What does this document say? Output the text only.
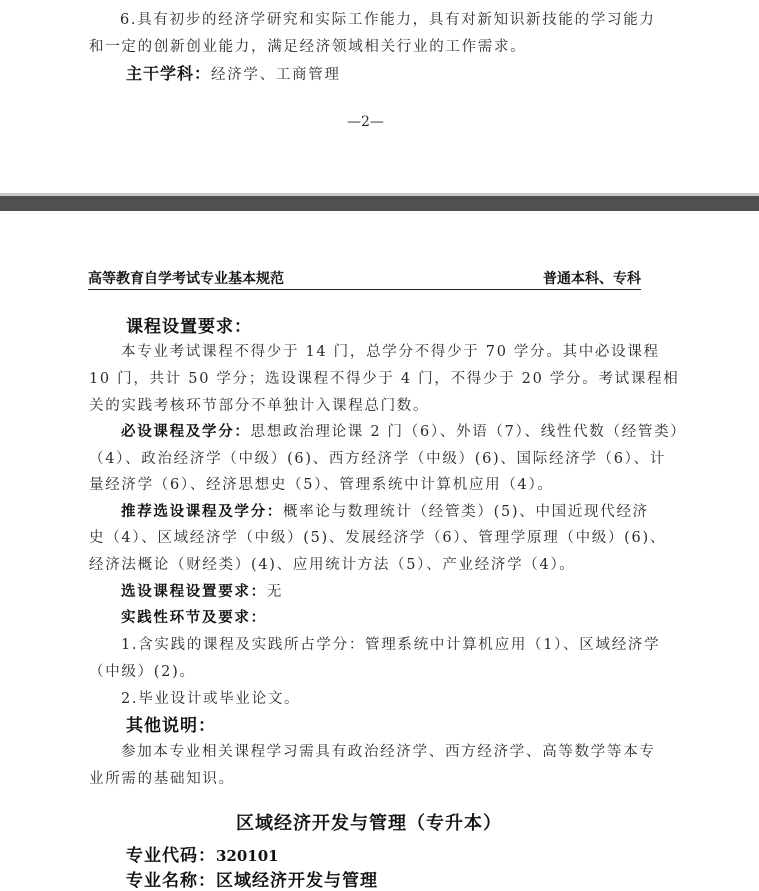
6.具有初步的经济学研究和实际工作能力，具有对新知识新技能的学习能力
和一定的创新创业能力，满足经济领域相关行业的工作需求。
主干学科：经济学、工商管理
—2—
高等教育自学考试专业基本规范	普通本科、专科
课程设置要求：
本专业考试课程不得少于 14 门，总学分不得少于 70 学分。其中必设课程
10 门，共计 50 学分；选设课程不得少于 4 门，不得少于 20 学分。考试课程相
关的实践考核环节部分不单独计入课程总门数。
必设课程及学分：思想政治理论课 2 门（6）、外语（7）、线性代数（经管类）
（4）、政治经济学（中级）(6)、西方经济学（中级）(6)、国际经济学（6）、计
量经济学（6）、经济思想史（5）、管理系统中计算机应用（4）。
推荐选设课程及学分：概率论与数理统计（经管类）(5)、中国近现代经济
史（4）、区域经济学（中级）(5)、发展经济学（6）、管理学原理（中级）(6)、
经济法概论（财经类）(4)、应用统计方法（5）、产业经济学（4）。
选设课程设置要求：无
实践性环节及要求：
1.含实践的课程及实践所占学分：管理系统中计算机应用（1）、区域经济学
（中级）(2)。
2.毕业设计或毕业论文。
其他说明：
参加本专业相关课程学习需具有政治经济学、西方经济学、高等数学等本专
业所需的基础知识。
区域经济开发与管理（专升本）
专业代码：320101
专业名称：区域经济开发与管理
